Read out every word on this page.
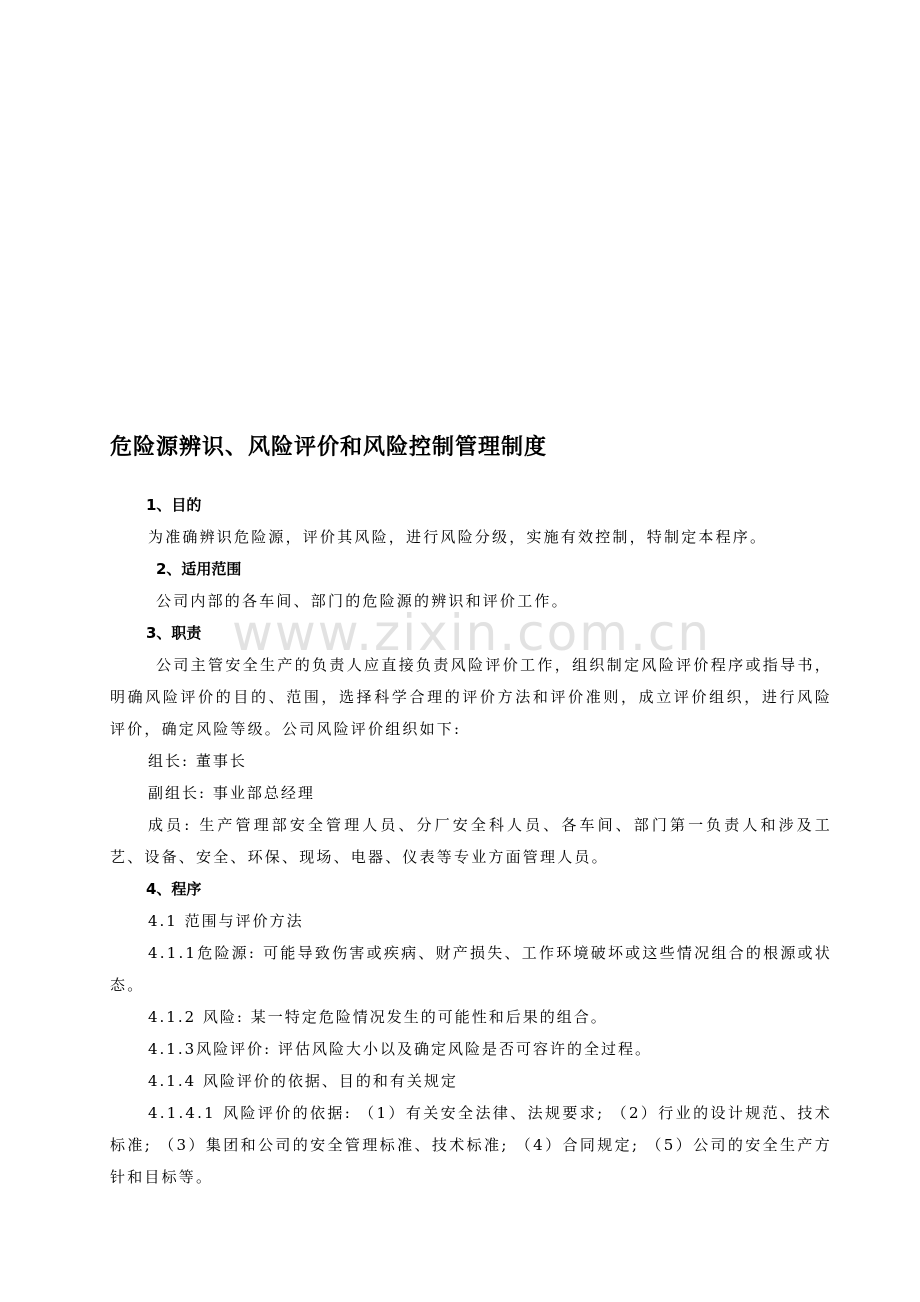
www.zixin.com.cn
危险源辨识、风险评价和风险控制管理制度
1、目的
为准确辨识危险源，评价其风险，进行风险分级，实施有效控制，特制定本程序。
2、适用范围
公司内部的各车间、部门的危险源的辨识和评价工作。
3、职责
公司主管安全生产的负责人应直接负责风险评价工作，组织制定风险评价程序或指导书，明确风险评价的目的、范围，选择科学合理的评价方法和评价准则，成立评价组织，进行风险评价，确定风险等级。公司风险评价组织如下:
组长: 董事长
副组长: 事业部总经理
成员: 生产管理部安全管理人员、分厂安全科人员、各车间、部门第一负责人和涉及工艺、设备、安全、环保、现场、电器、仪表等专业方面管理人员。
4、程序
4.1 范围与评价方法
4.1.1危险源: 可能导致伤害或疾病、财产损失、工作环境破坏或这些情况组合的根源或状态。
4.1.2 风险: 某一特定危险情况发生的可能性和后果的组合。
4.1.3风险评价: 评估风险大小以及确定风险是否可容许的全过程。
4.1.4 风险评价的依据、目的和有关规定
4.1.4.1 风险评价的依据: （1）有关安全法律、法规要求; （2）行业的设计规范、技术标准; （3）集团和公司的安全管理标准、技术标准; （4）合同规定; （5）公司的安全生产方针和目标等。
